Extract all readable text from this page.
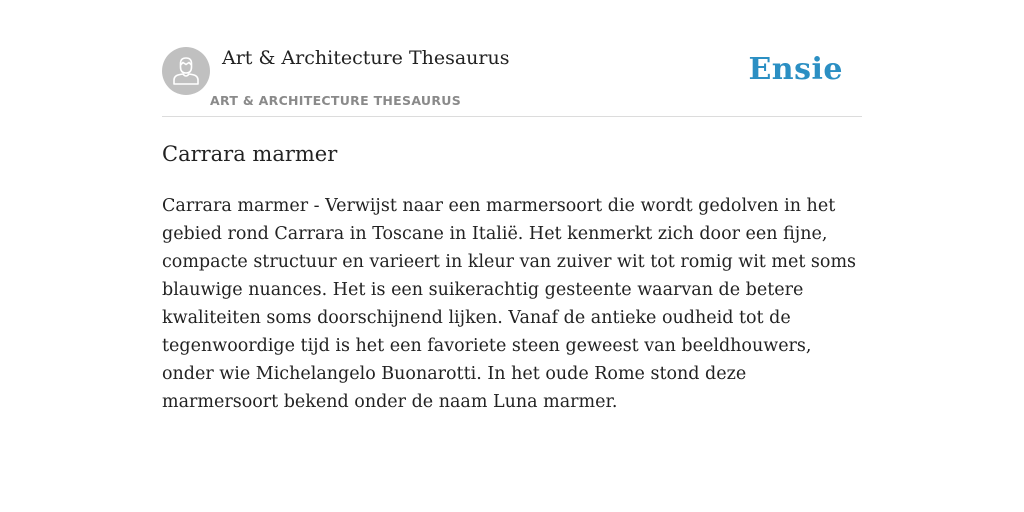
Art & Architecture Thesaurus
ART & ARCHITECTURE THESAURUS
Ensie
Carrara marmer

Carrara marmer - Verwijst naar een marmersoort die wordt gedolven in het gebied rond Carrara in Toscane in Italië. Het kenmerkt zich door een fijne, compacte structuur en varieert in kleur van zuiver wit tot romig wit met soms blauwige nuances. Het is een suikerachtig gesteente waarvan de betere kwaliteiten soms doorschijnend lijken. Vanaf de antieke oudheid tot de tegenwoordige tijd is het een favoriete steen geweest van beeldhouwers, onder wie Michelangelo Buonarotti. In het oude Rome stond deze marmersoort bekend onder de naam Luna marmer.
